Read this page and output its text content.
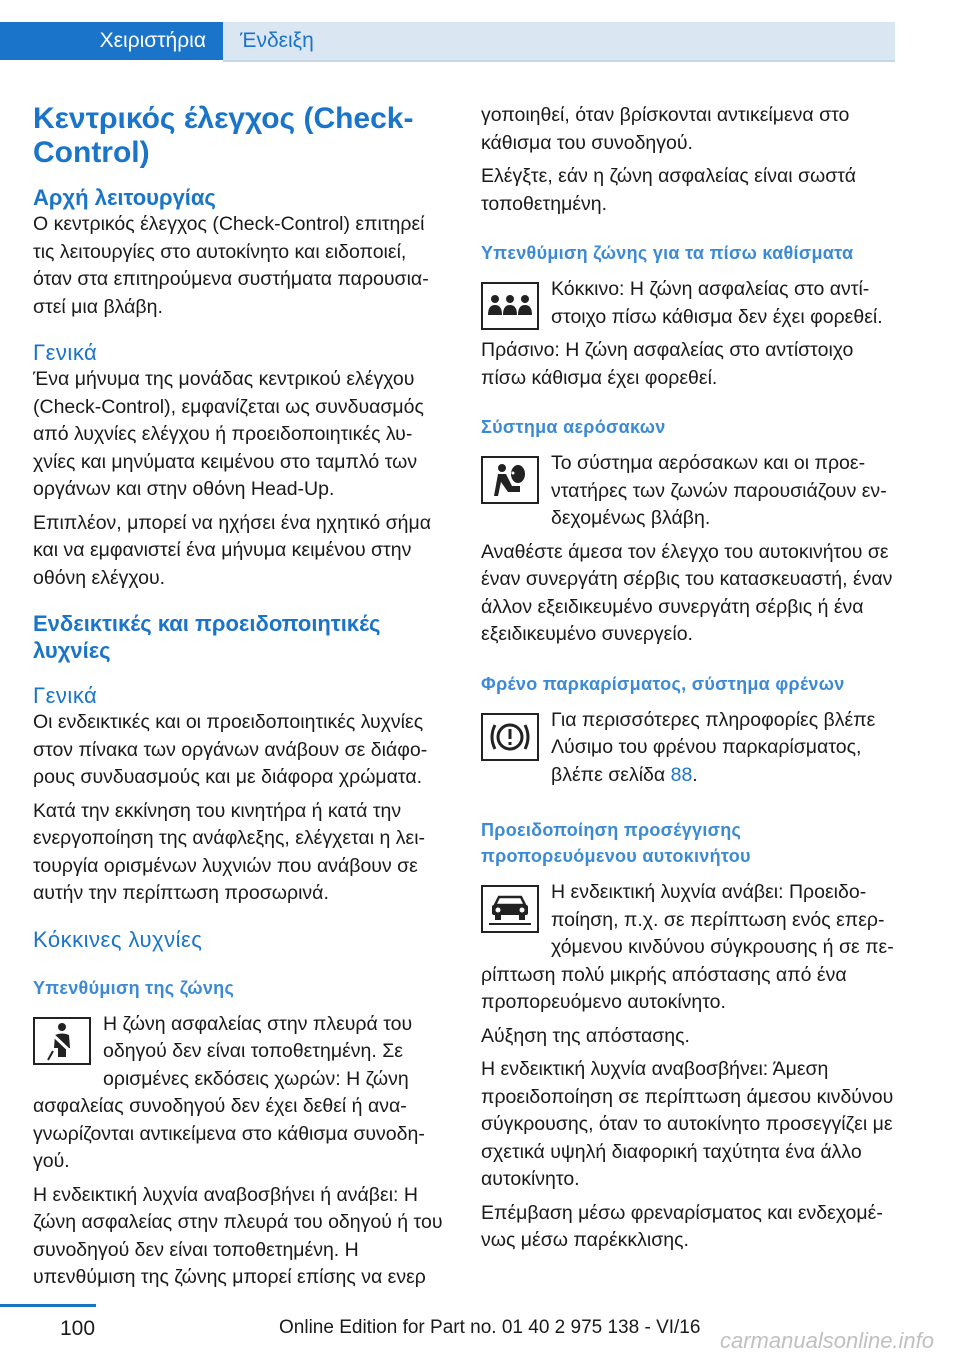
Χειριστήρια	Ένδειξη
Κεντρικός έλεγχος (Check-Control)
Αρχή λειτουργίας
Ο κεντρικός έλεγχος (Check-Control) επιτηρεί τις λειτουργίες στο αυτοκίνητο και ειδοποιεί, όταν στα επιτηρούμενα συστήματα παρουσιαστεί μια βλάβη.
Γενικά
Ένα μήνυμα της μονάδας κεντρικού ελέγχου (Check-Control), εμφανίζεται ως συνδυασμός από λυχνίες ελέγχου ή προειδοποιητικές λυχνίες και μηνύματα κειμένου στο ταμπλό των οργάνων και στην οθόνη Head-Up.
Επιπλέον, μπορεί να ηχήσει ένα ηχητικό σήμα και να εμφανιστεί ένα μήνυμα κειμένου στην οθόνη ελέγχου.
Ενδεικτικές και προειδοποιητικές λυχνίες
Γενικά
Οι ενδεικτικές και οι προειδοποιητικές λυχνίες στον πίνακα των οργάνων ανάβουν σε διάφορους συνδυασμούς και με διάφορα χρώματα.
Κατά την εκκίνηση του κινητήρα ή κατά την ενεργοποίηση της ανάφλεξης, ελέγχεται η λειτουργία ορισμένων λυχνιών που ανάβουν σε αυτήν την περίπτωση προσωρινά.
Κόκκινες λυχνίες
Υπενθύμιση της ζώνης
Η ζώνη ασφαλείας στην πλευρά του οδηγού δεν είναι τοποθετημένη. Σε ορισμένες εκδόσεις χωρών: Η ζώνη ασφαλείας συνοδηγού δεν έχει δεθεί ή αναγνωρίζονται αντικείμενα στο κάθισμα συνοδηγού.
Η ενδεικτική λυχνία αναβοσβήνει ή ανάβει: Η ζώνη ασφαλείας στην πλευρά του οδηγού ή του συνοδηγού δεν είναι τοποθετημένη. Η υπενθύμιση της ζώνης μπορεί επίσης να ενερ
γοποιηθεί, όταν βρίσκονται αντικείμενα στο κάθισμα του συνοδηγού.
Ελέγξτε, εάν η ζώνη ασφαλείας είναι σωστά τοποθετημένη.
Υπενθύμιση ζώνης για τα πίσω καθίσματα
Κόκκινο: Η ζώνη ασφαλείας στο αντίστοιχο πίσω κάθισμα δεν έχει φορεθεί.
Πράσινο: Η ζώνη ασφαλείας στο αντίστοιχο πίσω κάθισμα έχει φορεθεί.
Σύστημα αερόσακων
Το σύστημα αερόσακων και οι προεντατήρες των ζωνών παρουσιάζουν ενδεχομένως βλάβη.
Αναθέστε άμεσα τον έλεγχο του αυτοκινήτου σε έναν συνεργάτη σέρβις του κατασκευαστή, έναν άλλον εξειδικευμένο συνεργάτη σέρβις ή ένα εξειδικευμένο συνεργείο.
Φρένο παρκαρίσματος, σύστημα φρένων
Για περισσότερες πληροφορίες βλέπε Λύσιμο του φρένου παρκαρίσματος, βλέπε σελίδα 88.
Προειδοποίηση προσέγγισης προπορευόμενου αυτοκινήτου
Η ενδεικτική λυχνία ανάβει: Προειδοποίηση, π.χ. σε περίπτωση ενός επερχόμενου κινδύνου σύγκρουσης ή σε περίπτωση πολύ μικρής απόστασης από ένα προπορευόμενο αυτοκίνητο.
Αύξηση της απόστασης.
Η ενδεικτική λυχνία αναβοσβήνει: Άμεση προειδοποίηση σε περίπτωση άμεσου κινδύνου σύγκρουσης, όταν το αυτοκίνητο προσεγγίζει με σχετικά υψηλή διαφορική ταχύτητα ένα άλλο αυτοκίνητο.
Επέμβαση μέσω φρεναρίσματος και ενδεχομένως μέσω παρέκκλισης.
100	Online Edition for Part no. 01 40 2 975 138 - VI/16
carmanualsonline.info
